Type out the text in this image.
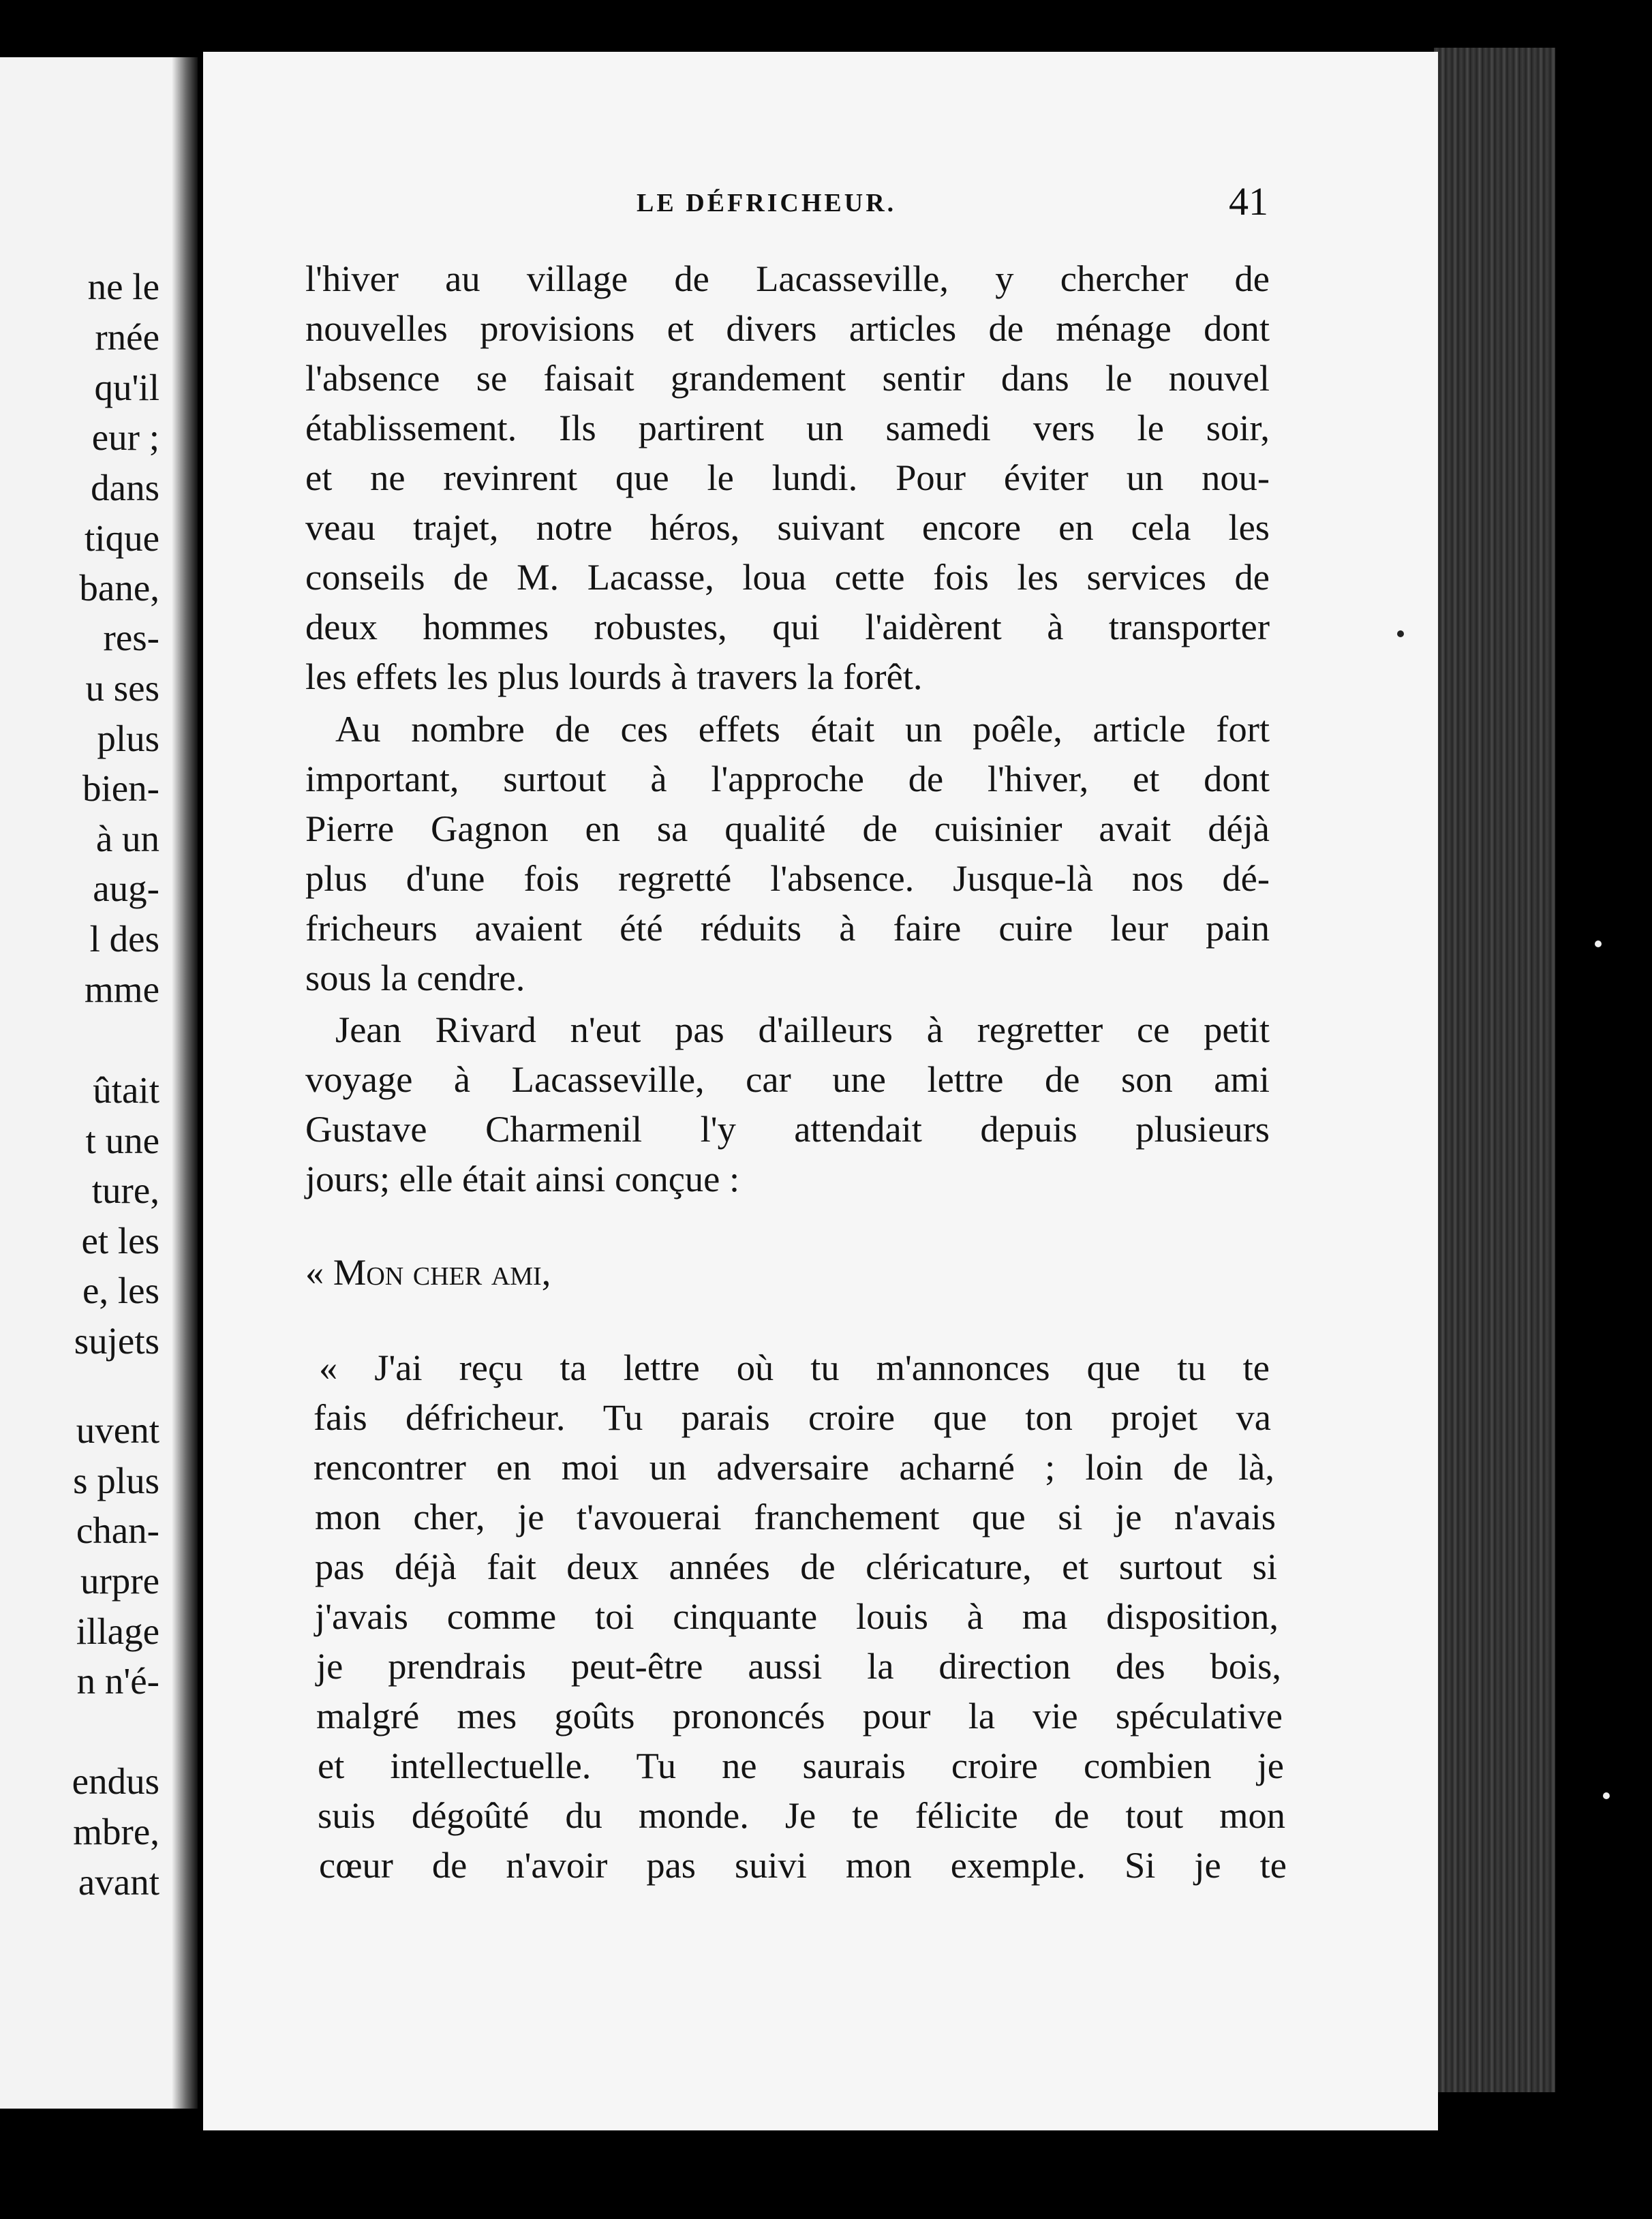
ne le
rnée
qu'il
eur ;
dans
tique
bane,
res-
u ses
plus
bien-
à un
aug-
l des
mme
ûtait
t une
ture,
et les
e, les
sujets
uvent
s plus
chan-
urpre
illage
n n'é-
endus
mbre,
avant
LE DÉFRICHEUR.	41
l'hiver au village de Lacasseville, y chercher de
nouvelles provisions et divers articles de ménage dont
l'absence se faisait grandement sentir dans le nouvel
établissement. Ils partirent un samedi vers le soir,
et ne revinrent que le lundi. Pour éviter un nou-
veau trajet, notre héros, suivant encore en cela les
conseils de M. Lacasse, loua cette fois les services de
deux hommes robustes, qui l'aidèrent à transporter
les effets les plus lourds à travers la forêt.
Au nombre de ces effets était un poêle, article fort
important, surtout à l'approche de l'hiver, et dont
Pierre Gagnon en sa qualité de cuisinier avait déjà
plus d'une fois regretté l'absence. Jusque-là nos dé-
fricheurs avaient été réduits à faire cuire leur pain
sous la cendre.
Jean Rivard n'eut pas d'ailleurs à regretter ce petit
voyage à Lacasseville, car une lettre de son ami
Gustave Charmenil l'y attendait depuis plusieurs
jours; elle était ainsi conçue :
« Mon cher ami,
« J'ai reçu ta lettre où tu m'annonces que tu te
fais défricheur. Tu parais croire que ton projet va
rencontrer en moi un adversaire acharné ; loin de là,
mon cher, je t'avouerai franchement que si je n'avais
pas déjà fait deux années de cléricature, et surtout si
j'avais comme toi cinquante louis à ma disposition,
je prendrais peut-être aussi la direction des bois,
malgré mes goûts prononcés pour la vie spéculative
et intellectuelle. Tu ne saurais croire combien je
suis dégoûté du monde. Je te félicite de tout mon
cœur de n'avoir pas suivi mon exemple. Si je te
